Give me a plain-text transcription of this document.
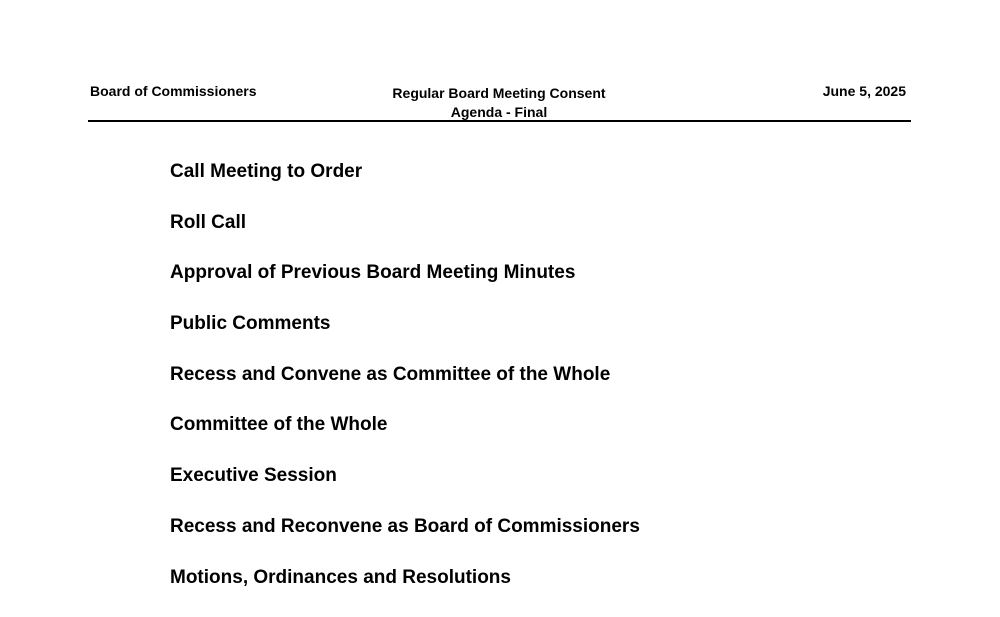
Board of Commissioners	Regular Board Meeting Consent
Agenda - Final
June 5, 2025
Call Meeting to Order
Roll Call
Approval of Previous Board Meeting Minutes
Public Comments
Recess and Convene as Committee of the Whole
Committee of the Whole
Executive Session
Recess and Reconvene as Board of Commissioners
Motions, Ordinances and Resolutions
